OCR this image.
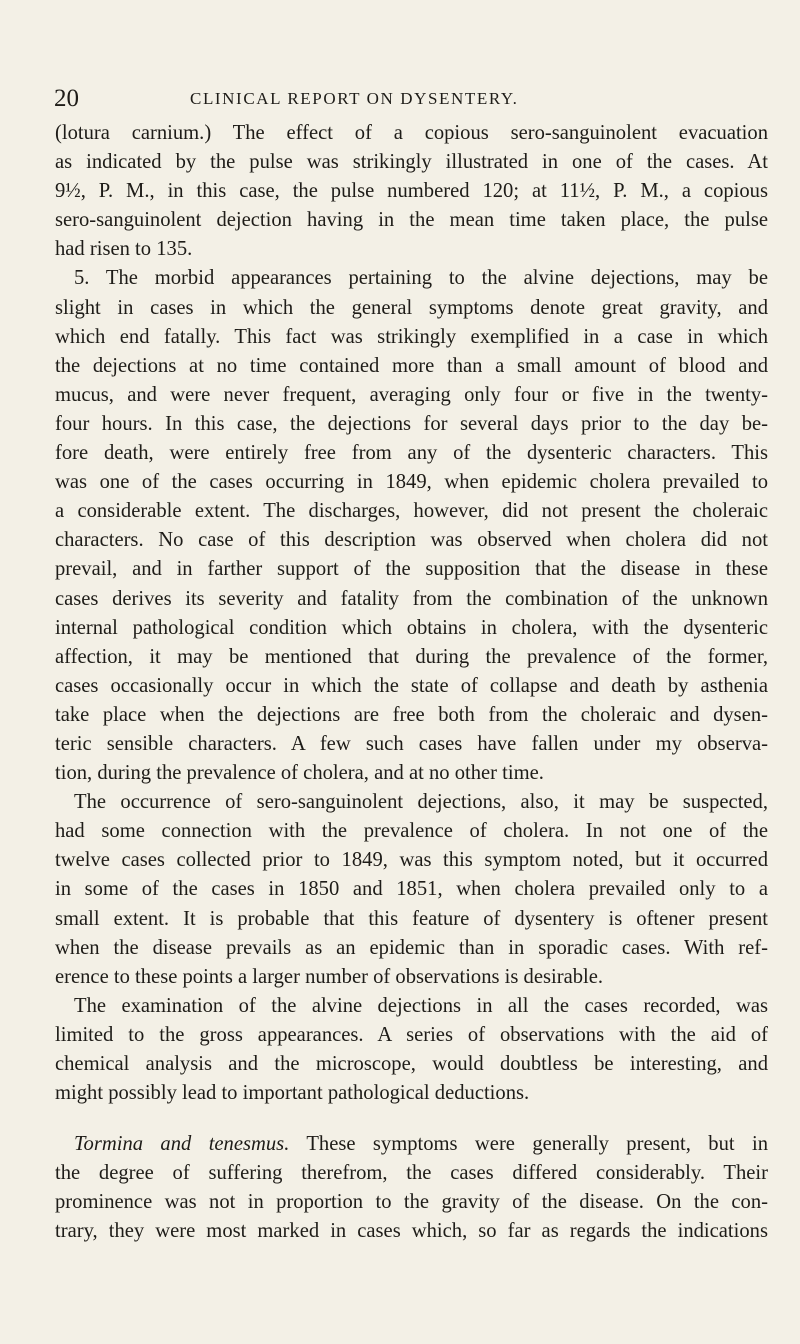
20	CLINICAL REPORT ON DYSENTERY.
(lotura carnium.) The effect of a copious sero-sanguinolent evacuation
as indicated by the pulse was strikingly illustrated in one of the cases. At
9½, P. M., in this case, the pulse numbered 120; at 11½, P. M., a copious
sero-sanguinolent dejection having in the mean time taken place, the pulse
had risen to 135.
5. The morbid appearances pertaining to the alvine dejections, may be
slight in cases in which the general symptoms denote great gravity, and
which end fatally. This fact was strikingly exemplified in a case in which
the dejections at no time contained more than a small amount of blood and
mucus, and were never frequent, averaging only four or five in the twenty-
four hours. In this case, the dejections for several days prior to the day be-
fore death, were entirely free from any of the dysenteric characters. This
was one of the cases occurring in 1849, when epidemic cholera prevailed to
a considerable extent. The discharges, however, did not present the choleraic
characters. No case of this description was observed when cholera did not
prevail, and in farther support of the supposition that the disease in these
cases derives its severity and fatality from the combination of the unknown
internal pathological condition which obtains in cholera, with the dysenteric
affection, it may be mentioned that during the prevalence of the former,
cases occasionally occur in which the state of collapse and death by asthenia
take place when the dejections are free both from the choleraic and dysen-
teric sensible characters. A few such cases have fallen under my observa-
tion, during the prevalence of cholera, and at no other time.
The occurrence of sero-sanguinolent dejections, also, it may be suspected,
had some connection with the prevalence of cholera. In not one of the
twelve cases collected prior to 1849, was this symptom noted, but it occurred
in some of the cases in 1850 and 1851, when cholera prevailed only to a
small extent. It is probable that this feature of dysentery is oftener present
when the disease prevails as an epidemic than in sporadic cases. With ref-
erence to these points a larger number of observations is desirable.
The examination of the alvine dejections in all the cases recorded, was
limited to the gross appearances. A series of observations with the aid of
chemical analysis and the microscope, would doubtless be interesting, and
might possibly lead to important pathological deductions.
Tormina and tenesmus. These symptoms were generally present, but in
the degree of suffering therefrom, the cases differed considerably. Their
prominence was not in proportion to the gravity of the disease. On the con-
trary, they were most marked in cases which, so far as regards the indications
